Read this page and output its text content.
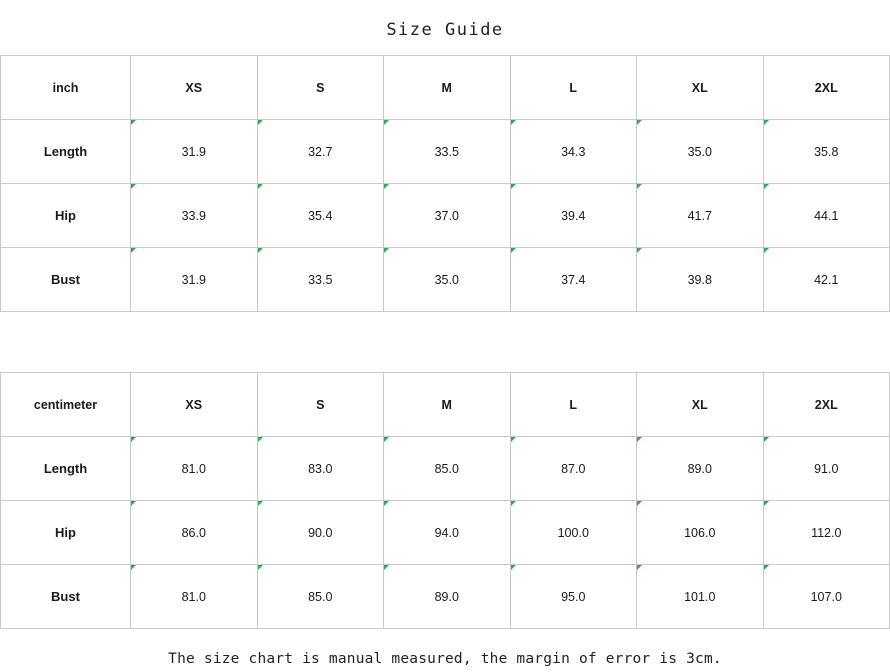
Size Guide
inch	XS	S	M	L	XL	2XL
Length	31.9	32.7	33.5	34.3	35.0	35.8
Hip	33.9	35.4	37.0	39.4	41.7	44.1
Bust	31.9	33.5	35.0	37.4	39.8	42.1
centimeter	XS	S	M	L	XL	2XL
Length	81.0	83.0	85.0	87.0	89.0	91.0
Hip	86.0	90.0	94.0	100.0	106.0	112.0
Bust	81.0	85.0	89.0	95.0	101.0	107.0
The size chart is manual measured, the margin of error is 3cm.
